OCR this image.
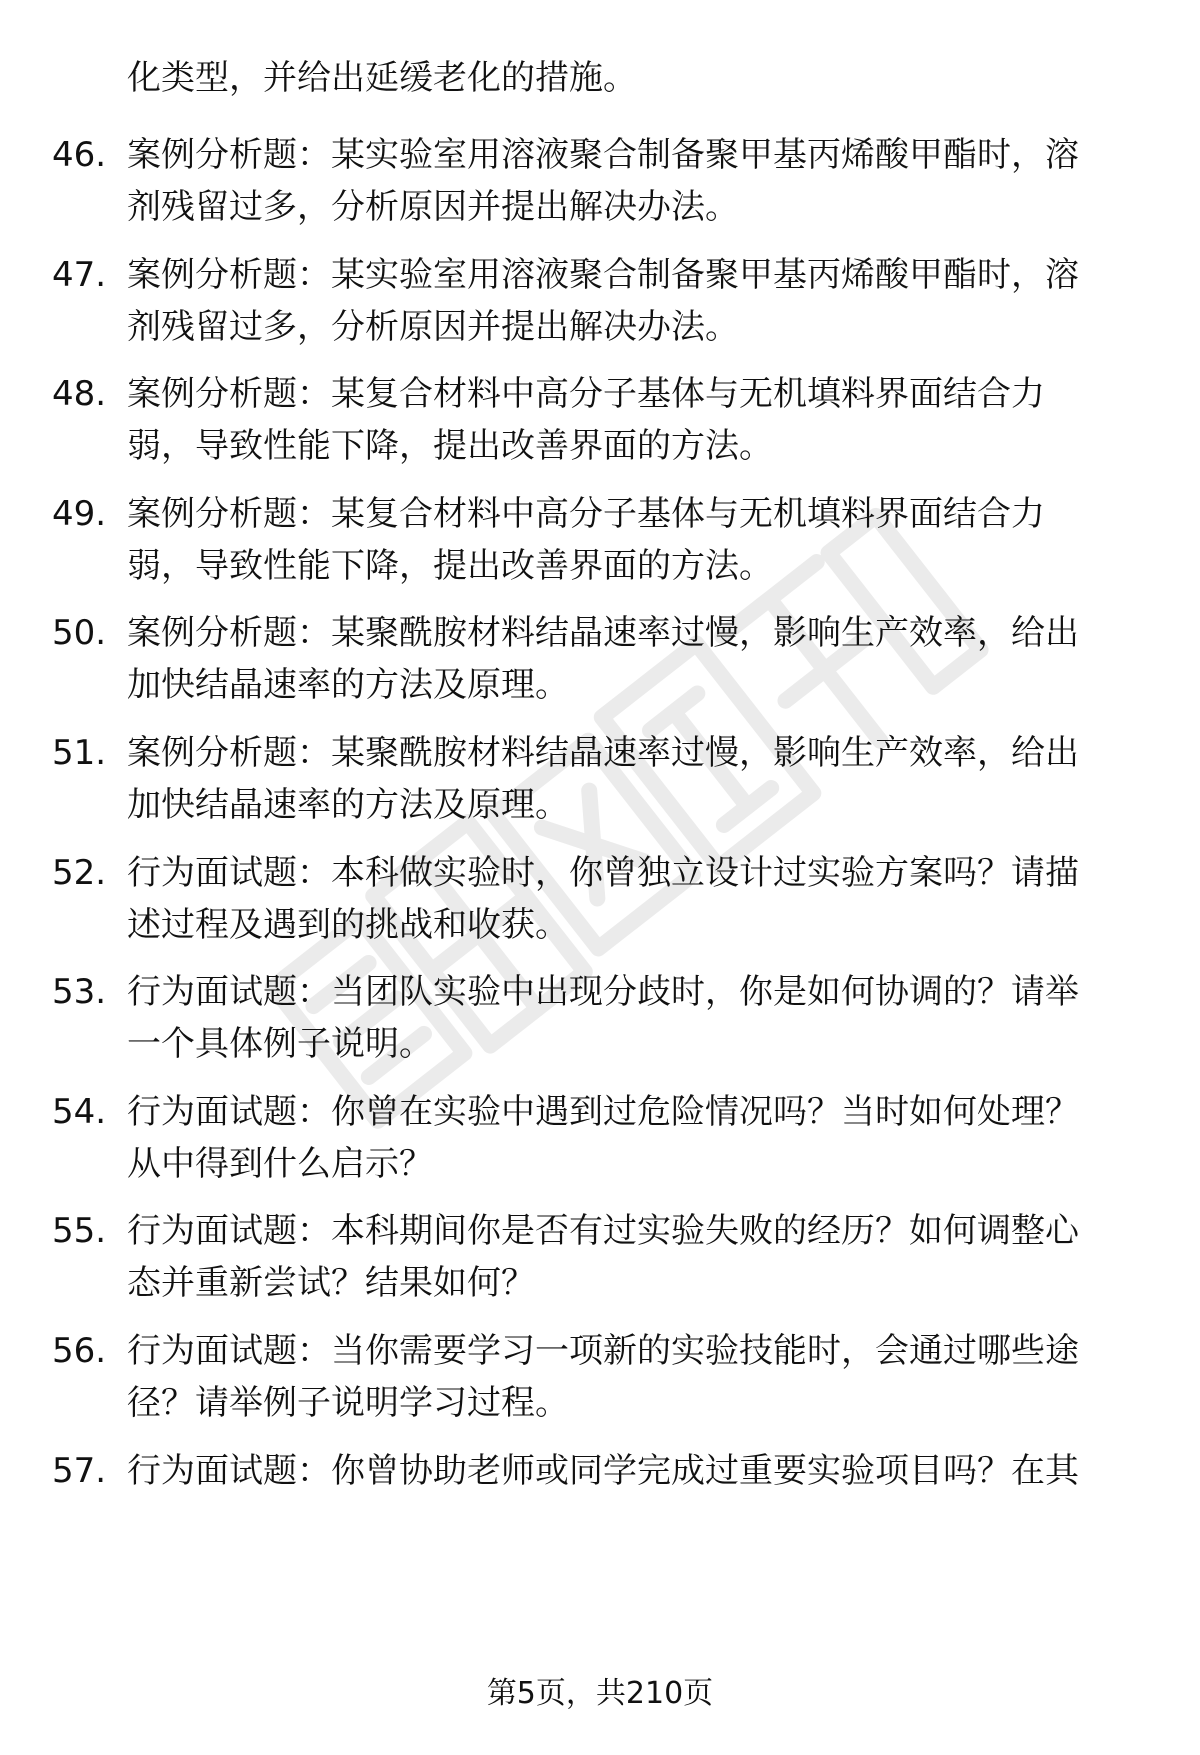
化类型，并给出延缓老化的措施。
46. 案例分析题：某实验室用溶液聚合制备聚甲基丙烯酸甲酯时，溶
剂残留过多，分析原因并提出解决办法。
47. 案例分析题：某实验室用溶液聚合制备聚甲基丙烯酸甲酯时，溶
剂残留过多，分析原因并提出解决办法。
48. 案例分析题：某复合材料中高分子基体与无机填料界面结合力
弱，导致性能下降，提出改善界面的方法。
49. 案例分析题：某复合材料中高分子基体与无机填料界面结合力
弱，导致性能下降，提出改善界面的方法。
50. 案例分析题：某聚酰胺材料结晶速率过慢，影响生产效率，给出
加快结晶速率的方法及原理。
51. 案例分析题：某聚酰胺材料结晶速率过慢，影响生产效率，给出
加快结晶速率的方法及原理。
52. 行为面试题：本科做实验时，你曾独立设计过实验方案吗？请描
述过程及遇到的挑战和收获。
53. 行为面试题：当团队实验中出现分歧时，你是如何协调的？请举
一个具体例子说明。
54. 行为面试题：你曾在实验中遇到过危险情况吗？当时如何处理？
从中得到什么启示？
55. 行为面试题：本科期间你是否有过实验失败的经历？如何调整心
态并重新尝试？结果如何？
56. 行为面试题：当你需要学习一项新的实验技能时，会通过哪些途
径？请举例子说明学习过程。
57. 行为面试题：你曾协助老师或同学完成过重要实验项目吗？在其
第5页，共210页
